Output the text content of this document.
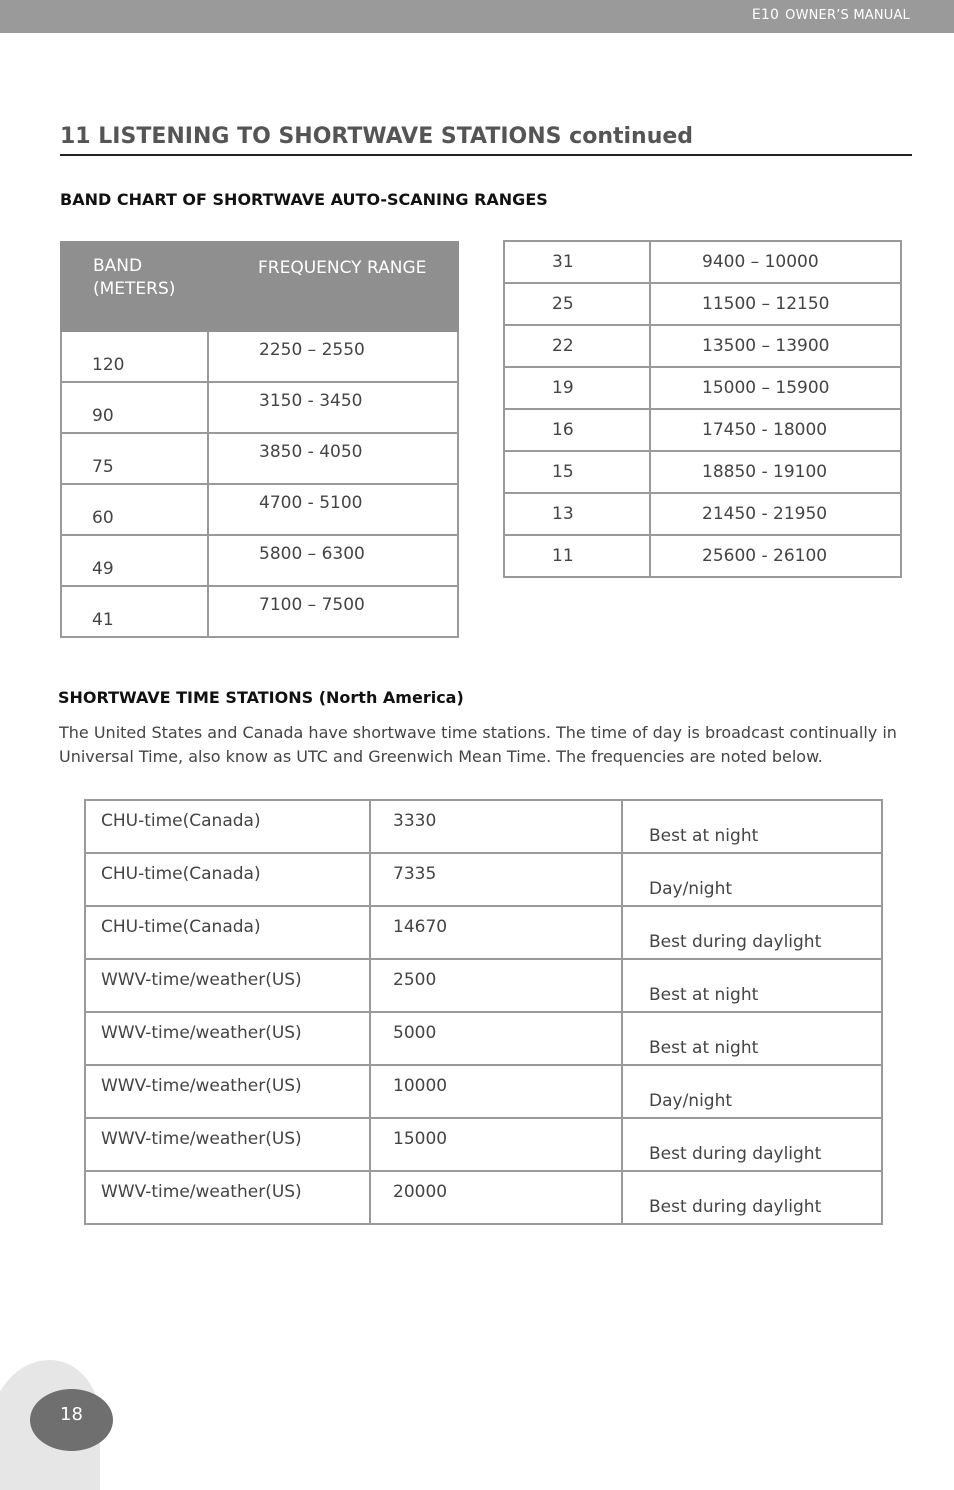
E10 OWNER’S MANUAL
11 LISTENING TO SHORTWAVE STATIONS continued
BAND CHART OF SHORTWAVE AUTO-SCANING RANGES
BAND
(METERS)	FREQUENCY RANGE
120	2250 – 2550
90	3150 - 3450
75	3850 - 4050
60	4700 - 5100
49	5800 – 6300
41	7100 – 7500
31	9400 – 10000
25	11500 – 12150
22	13500 – 13900
19	15000 – 15900
16	17450 - 18000
15	18850 - 19100
13	21450 - 21950
11	25600 - 26100
SHORTWAVE TIME STATIONS (North America)
The United States and Canada have shortwave time stations. The time of day is broadcast continually in Universal Time, also know as UTC and Greenwich Mean Time. The frequencies are noted below.
CHU-time(Canada)	3330	Best at night
CHU-time(Canada)	7335	Day/night
CHU-time(Canada)	14670	Best during daylight
WWV-time/weather(US)	2500	Best at night
WWV-time/weather(US)	5000	Best at night
WWV-time/weather(US)	10000	Day/night
WWV-time/weather(US)	15000	Best during daylight
WWV-time/weather(US)	20000	Best during daylight
18
